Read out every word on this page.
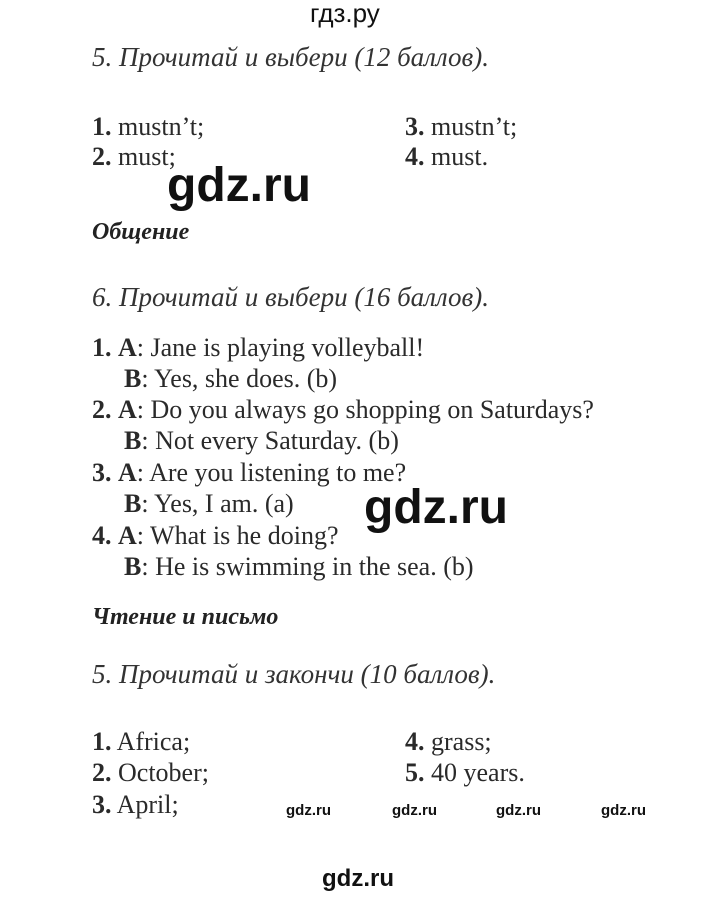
гдз.ру
5. Прочитай и выбери (12 баллов).
1. mustn’t;
2. must;
3. mustn’t;
4. must.
gdz.ru
Общение
6. Прочитай и выбери (16 баллов).
1. A: Jane is playing volleyball!
B: Yes, she does. (b)
2. A: Do you always go shopping on Saturdays?
B: Not every Saturday. (b)
3. A: Are you listening to me?
B: Yes, I am. (a)
4. A: What is he doing?
B: He is swimming in the sea. (b)
gdz.ru
Чтение и письмо
5. Прочитай и закончи (10 баллов).
1. Africa;
2. October;
3. April;
4. grass;
5. 40 years.
gdz.ru	gdz.ru	gdz.ru	gdz.ru
gdz.ru
